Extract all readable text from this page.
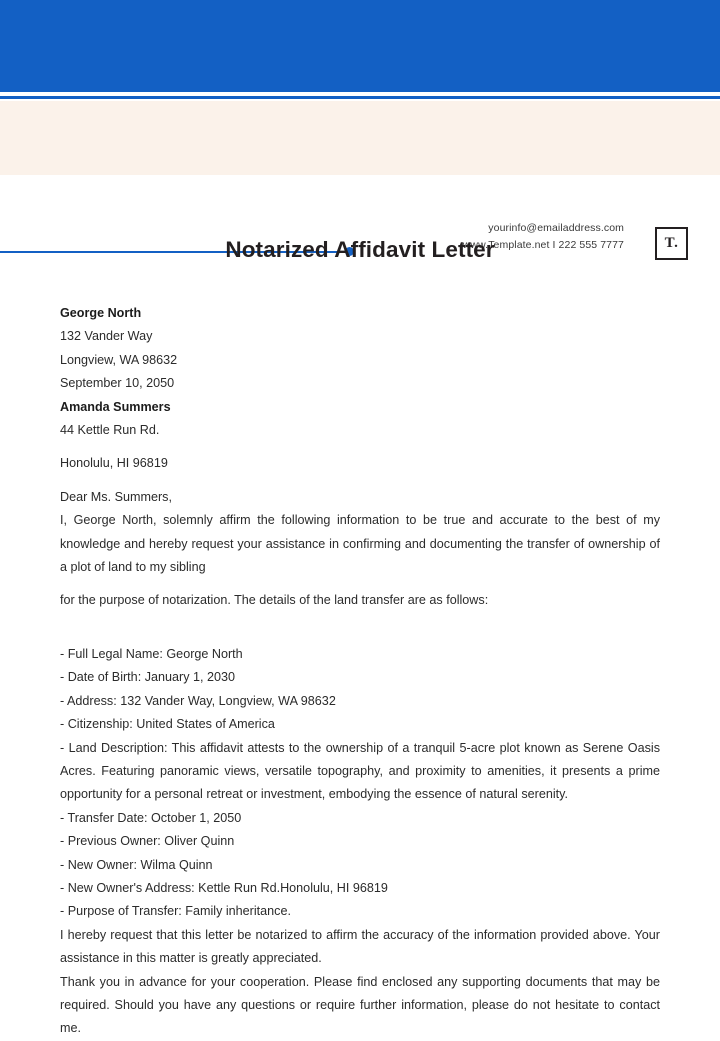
yourinfo@emailaddress.com
www.Template.net I 222 555 7777	T.
Notarized Affidavit Letter
George North
132 Vander Way
Longview, WA 98632
September 10, 2050
Amanda Summers
44 Kettle Run Rd.
Honolulu, HI 96819
Dear Ms. Summers,

I, George North, solemnly affirm the following information to be true and accurate to the best of my knowledge and hereby request your assistance in confirming and documenting the transfer of ownership of a plot of land to my sibling

for the purpose of notarization. The details of the land transfer are as follows:

- Full Legal Name: George North

- Date of Birth: January 1, 2030

- Address: 132 Vander Way, Longview, WA 98632

- Citizenship: United States of America

- Land Description: This affidavit attests to the ownership of a tranquil 5-acre plot known as Serene Oasis Acres. Featuring panoramic views, versatile topography, and proximity to amenities, it presents a prime opportunity for a personal retreat or investment, embodying the essence of natural serenity.

- Transfer Date: October 1, 2050

- Previous Owner: Oliver Quinn

- New Owner: Wilma Quinn

- New Owner's Address: Kettle Run Rd.Honolulu, HI 96819

- Purpose of Transfer: Family inheritance.

I hereby request that this letter be notarized to affirm the accuracy of the information provided above. Your assistance in this matter is greatly appreciated.

Thank you in advance for your cooperation. Please find enclosed any supporting documents that may be required. Should you have any questions or require further information, please do not hesitate to contact me.
